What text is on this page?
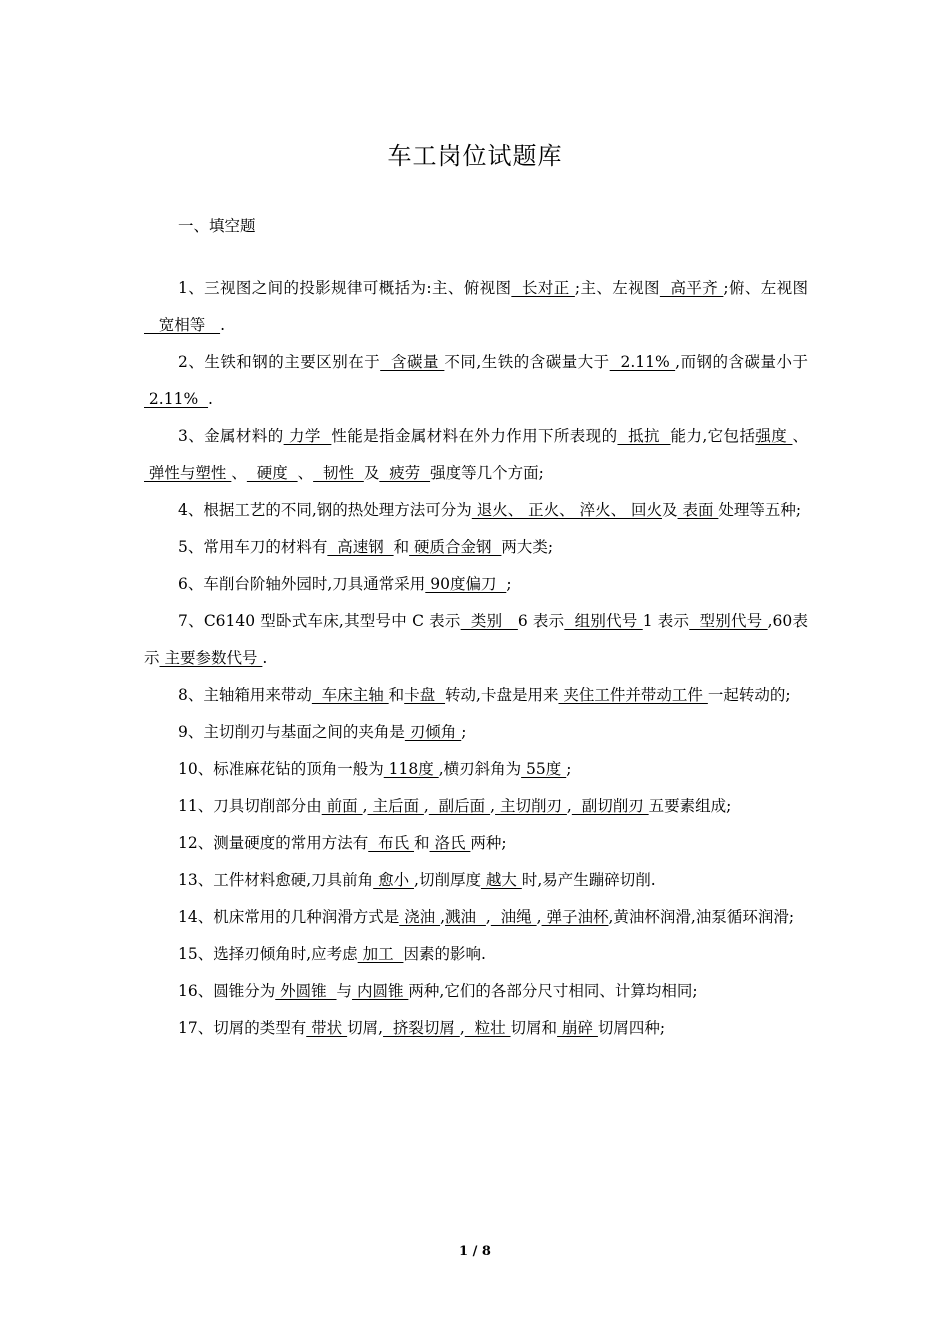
车工岗位试题库
一、填空题

1、三视图之间的投影规律可概括为:主、俯视图  长对正 ;主、左视图  高平齐 ;俯、左视图   宽相等   .

2、生铁和钢的主要区别在于  含碳量 不同,生铁的含碳量大于  2.11% ,而钢的含碳量小于 2.11%  .

3、金属材料的 力学  性能是指金属材料在外力作用下所表现的  抵抗  能力,它包括强度 、 弹性与塑性 、  硬度  、  韧性  及  疲劳  强度等几个方面;

4、根据工艺的不同,钢的热处理方法可分为 退火、 正火、 淬火、 回火及 表面 处理等五种;

5、常用车刀的材料有  高速钢  和 硬质合金钢  两大类;

6、车削台阶轴外园时,刀具通常采用 90度偏刀  ;

7、C6140 型卧式车床,其型号中 C 表示  类别   6 表示  组别代号 1 表示  型别代号 ,60表示 主要参数代号 .

8、主轴箱用来带动  车床主轴 和卡盘  转动,卡盘是用来 夹住工件并带动工件 一起转动的;

9、主切削刃与基面之间的夹角是 刃倾角 ;

10、标准麻花钻的顶角一般为 118度 ,横刃斜角为 55度 ;

11、刀具切削部分由 前面 , 主后面 ,  副后面 , 主切削刃 ,  副切削刃 五要素组成;

12、测量硬度的常用方法有  布氏 和 洛氏 两种;

13、工件材料愈硬,刀具前角 愈小 ,切削厚度 越大 时,易产生蹦碎切削.

14、机床常用的几种润滑方式是 浇油 ,溅油  ,  油绳 , 弹子油杯,黄油杯润滑,油泵循环润滑;

15、选择刃倾角时,应考虑 加工  因素的影响.

16、圆锥分为 外圆锥  与 内圆锥 两种,它们的各部分尺寸相同、计算均相同;

17、切屑的类型有 带状 切屑,  挤裂切屑 ,  粒壮 切屑和 崩碎 切屑四种;

1 / 8
